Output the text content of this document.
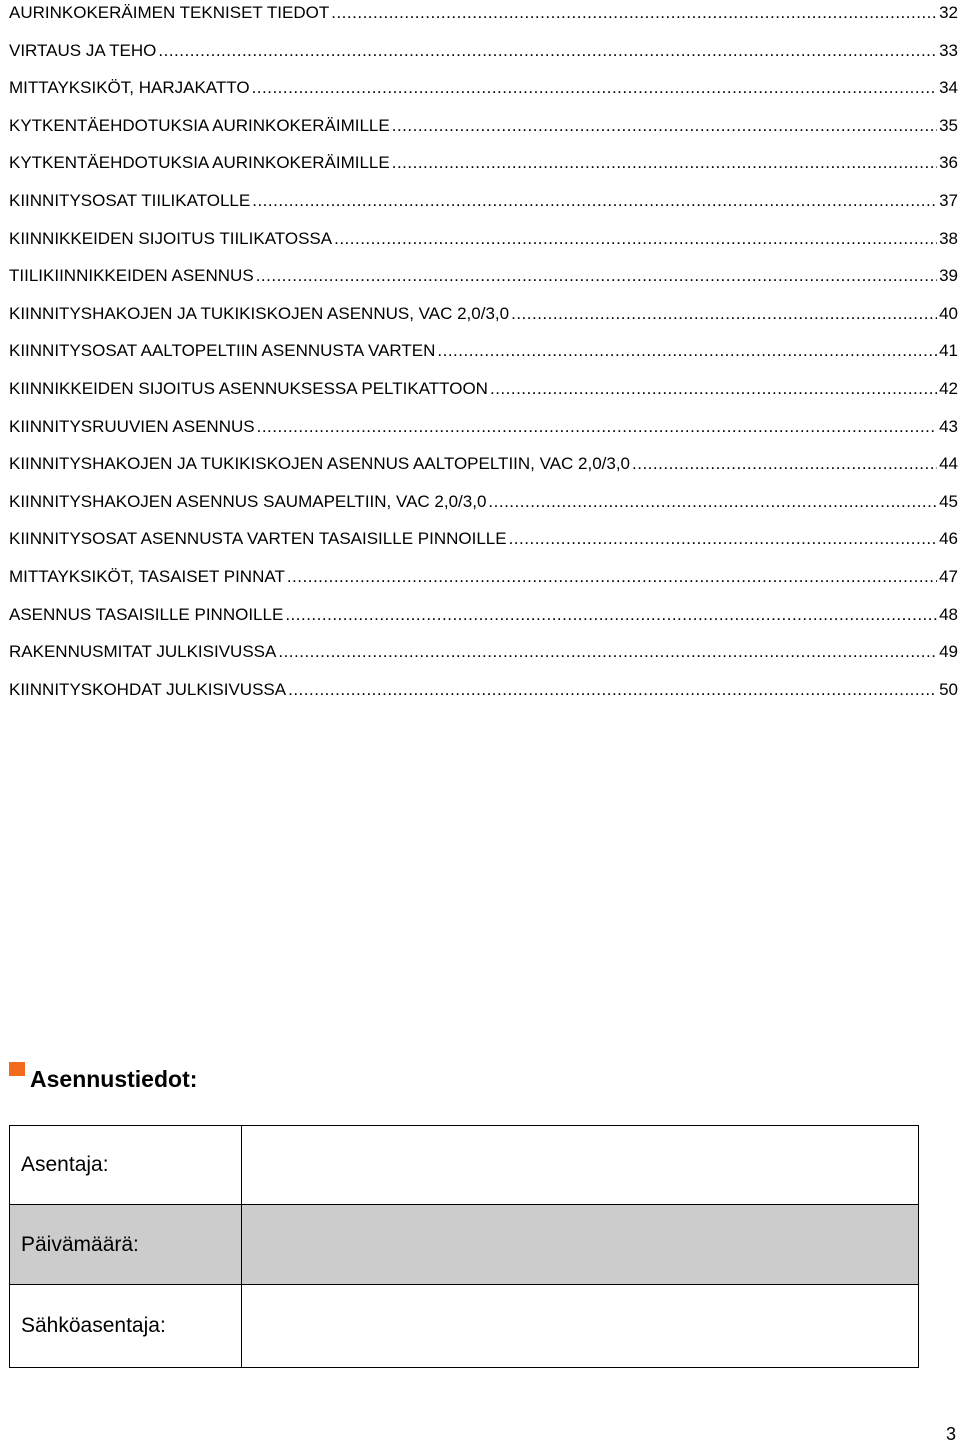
AURINKOKERÄIMEN TEKNISET TIEDOT .....	32
VIRTAUS JA TEHO .....	33
MITTAYKSIKÖT, HARJAKATTO .....	34
KYTKENTÄEHDOTUKSIA AURINKOKERÄIMILLE .....	35
KYTKENTÄEHDOTUKSIA AURINKOKERÄIMILLE .....	36
KIINNITYSOSAT TIILIKATOLLE .....	37
KIINNIKKEIDEN SIJOITUS TIILIKATOSSA .....	38
TIILIKIINNIKKEIDEN ASENNUS .....	39
KIINNITYSHAKOJEN JA TUKIKISKOJEN ASENNUS, VAC 2,0/3,0 .....	40
KIINNITYSOSAT AALTOPELTIIN ASENNUSTA VARTEN .....	41
KIINNIKKEIDEN SIJOITUS ASENNUKSESSA PELTIKATTOON .....	42
KIINNITYSRUUVIEN ASENNUS .....	43
KIINNITYSHAKOJEN JA TUKIKISKOJEN ASENNUS AALTOPELTIIN, VAC 2,0/3,0 .....	44
KIINNITYSHAKOJEN ASENNUS SAUMAPELTIIN, VAC 2,0/3,0 .....	45
KIINNITYSOSAT ASENNUSTA VARTEN TASAISILLE PINNOILLE .....	46
MITTAYKSIKÖT, TASAISET PINNAT .....	47
ASENNUS TASAISILLE PINNOILLE .....	48
RAKENNUSMITAT JULKISIVUSSA .....	49
KIINNITYSKOHDAT JULKISIVUSSA .....	50
Asennustiedot:
Asentaja:	
Päivämäärä:	
Sähköasentaja:	
3
